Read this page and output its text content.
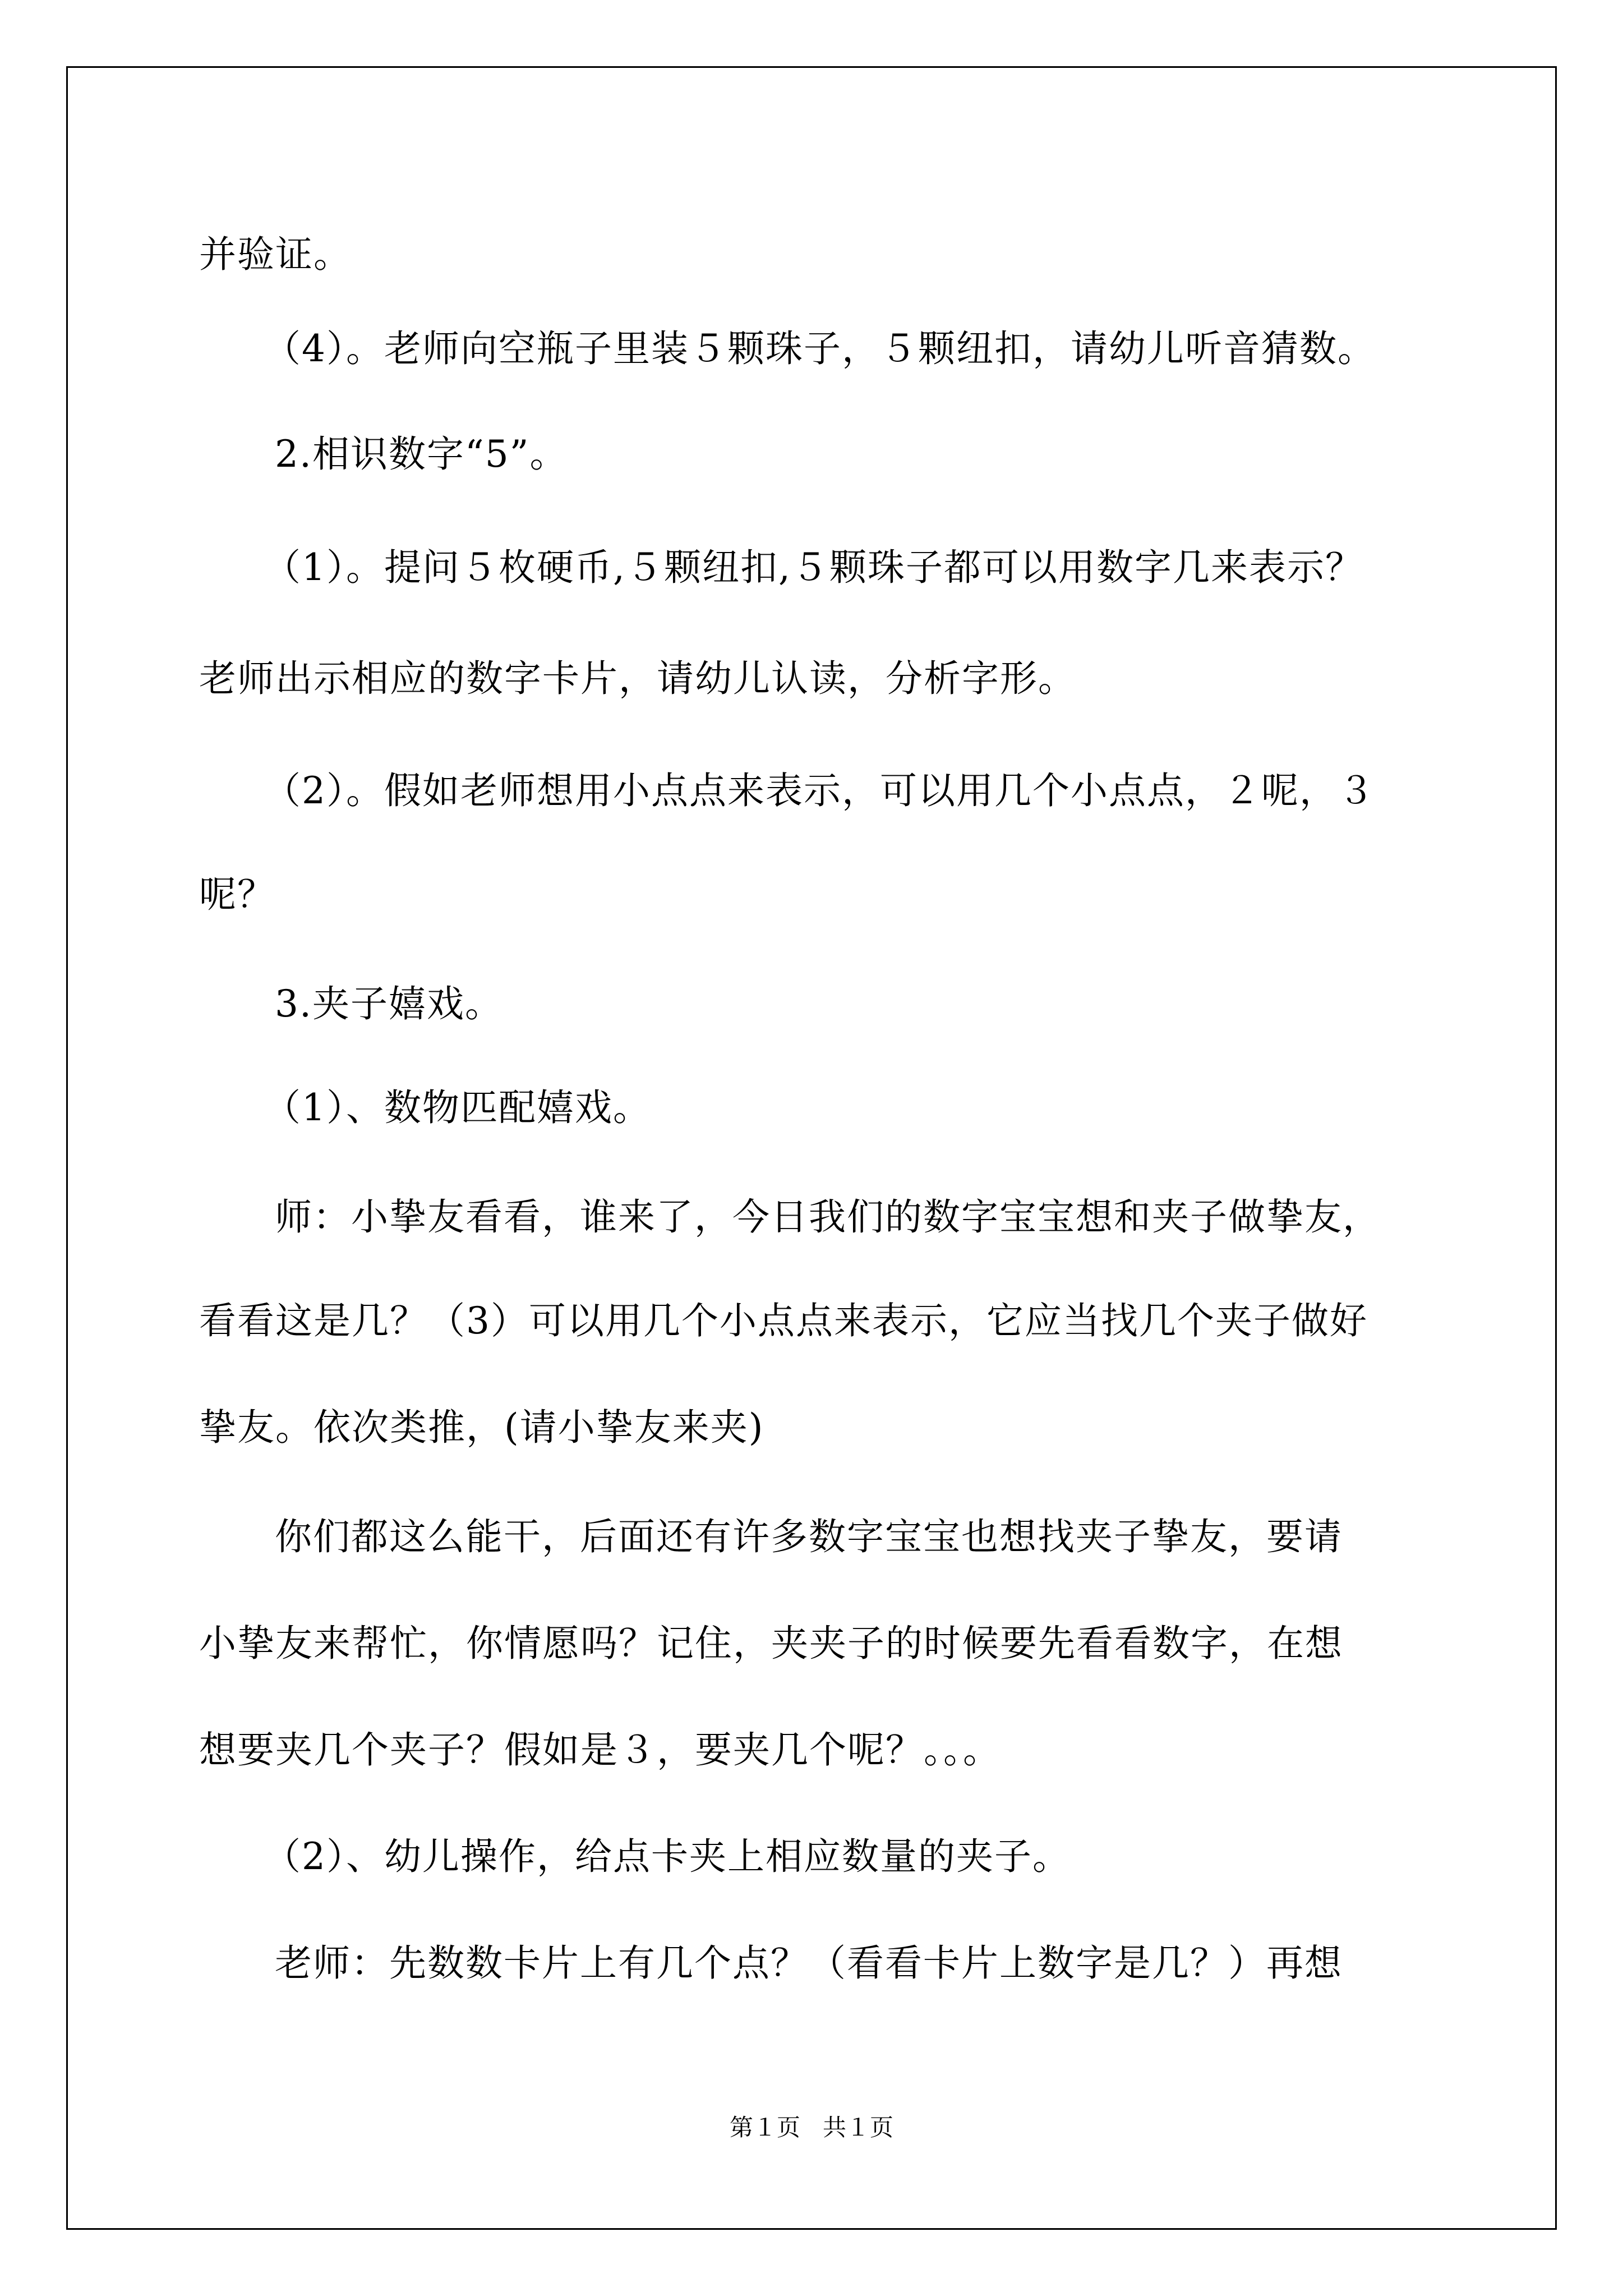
并验证。
（4）。老师向空瓶子里装５颗珠子，５颗纽扣，请幼儿听音猜数。
2.相识数字“5”。
（1）。提问５枚硬币,５颗纽扣,５颗珠子都可以用数字几来表示？
老师出示相应的数字卡片，请幼儿认读，分析字形。
（2）。假如老师想用小点点来表示，可以用几个小点点，２呢，３
呢？
3.夹子嬉戏。
（1）、数物匹配嬉戏。
师：小挚友看看，谁来了，今日我们的数字宝宝想和夹子做挚友，
看看这是几？（3）可以用几个小点点来表示，它应当找几个夹子做好
挚友。依次类推，(请小挚友来夹)
你们都这么能干，后面还有许多数字宝宝也想找夹子挚友，要请
小挚友来帮忙，你情愿吗？记住，夹夹子的时候要先看看数字，在想
想要夹几个夹子？假如是３，要夹几个呢？。。。
（2）、幼儿操作，给点卡夹上相应数量的夹子。
老师：先数数卡片上有几个点？（看看卡片上数字是几？）再想
第１页   共１页
